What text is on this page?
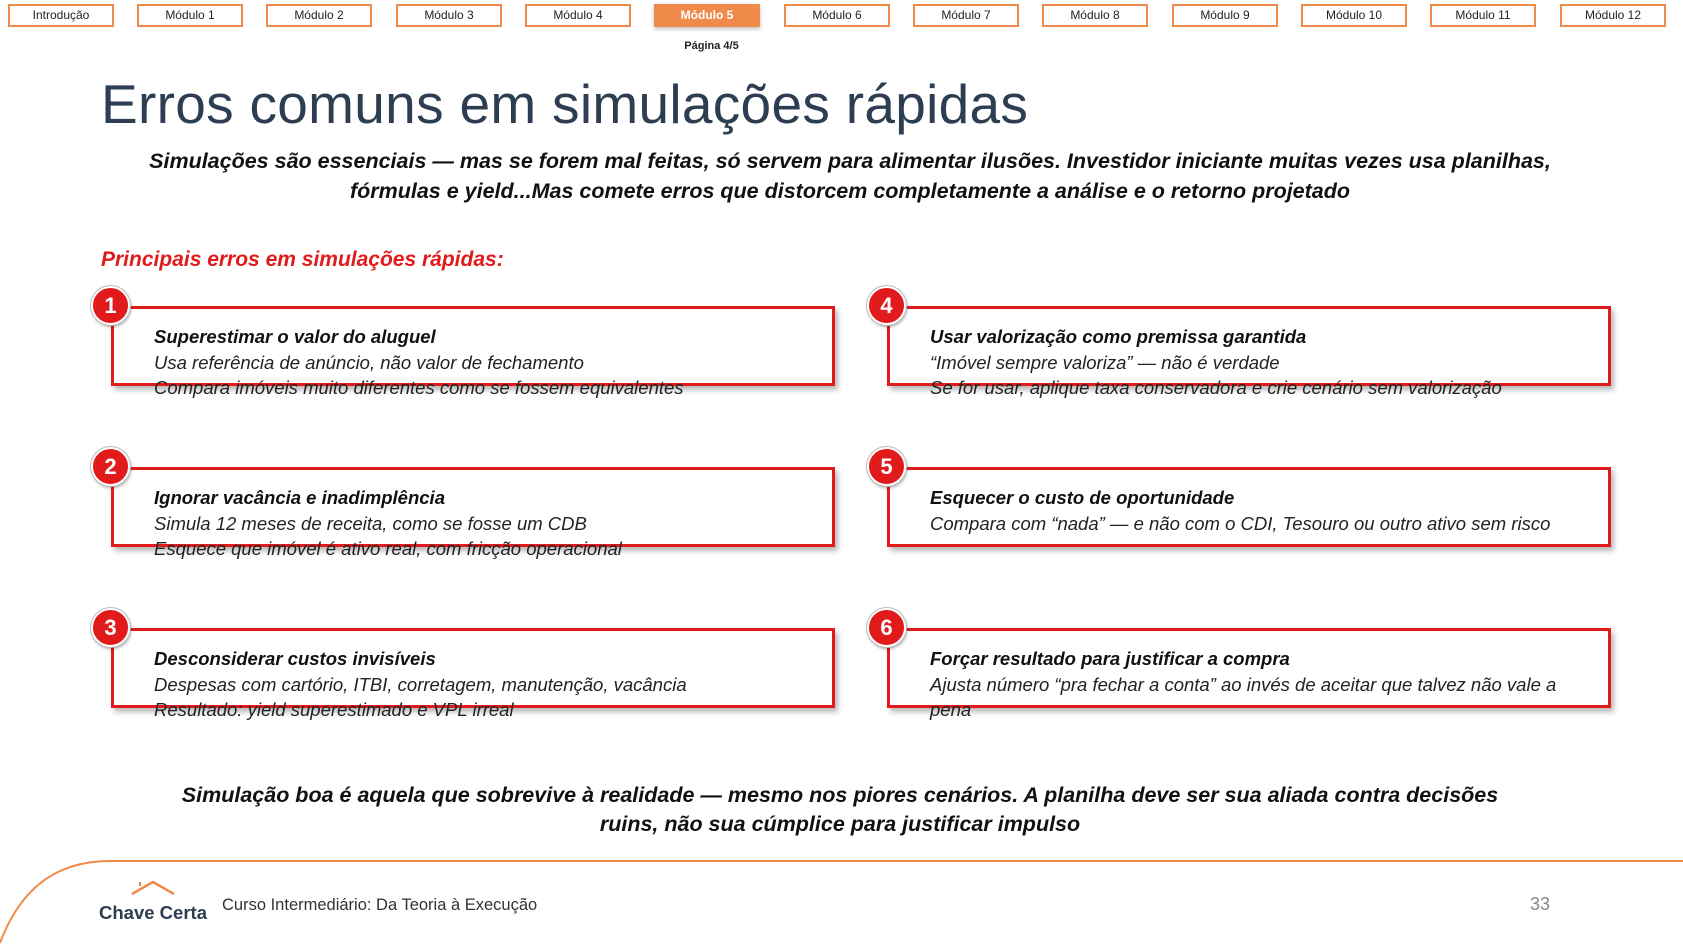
Introdução	Módulo 1	Módulo 2	Módulo 3	Módulo 4	Módulo 5	Módulo 6	Módulo 7	Módulo 8	Módulo 9	Módulo 10	Módulo 11	Módulo 12
Página 4/5
Erros comuns em simulações rápidas
Simulações são essenciais — mas se forem mal feitas, só servem para alimentar ilusões. Investidor iniciante muitas vezes usa planilhas, fórmulas e yield...Mas comete erros que distorcem completamente a análise e o retorno projetado
Principais erros em simulações rápidas:
1
Superestimar o valor do aluguel
Usa referência de anúncio, não valor de fechamento
Compara imóveis muito diferentes como se fossem equivalentes
2
Ignorar vacância e inadimplência
Simula 12 meses de receita, como se fosse um CDB
Esquece que imóvel é ativo real, com fricção operacional
3
Desconsiderar custos invisíveis
Despesas com cartório, ITBI, corretagem, manutenção, vacância
Resultado: yield superestimado e VPL irreal
4
Usar valorização como premissa garantida
“Imóvel sempre valoriza” — não é verdade
Se for usar, aplique taxa conservadora e crie cenário sem valorização
5
Esquecer o custo de oportunidade
Compara com “nada” — e não com o CDI, Tesouro ou outro ativo sem risco
6
Forçar resultado para justificar a compra
Ajusta número “pra fechar a conta” ao invés de aceitar que talvez não vale a pena
Simulação boa é aquela que sobrevive à realidade — mesmo nos piores cenários. A planilha deve ser sua aliada contra decisões ruins, não sua cúmplice para justificar impulso
Chave Certa Curso Intermediário: Da Teoria à Execução	33
